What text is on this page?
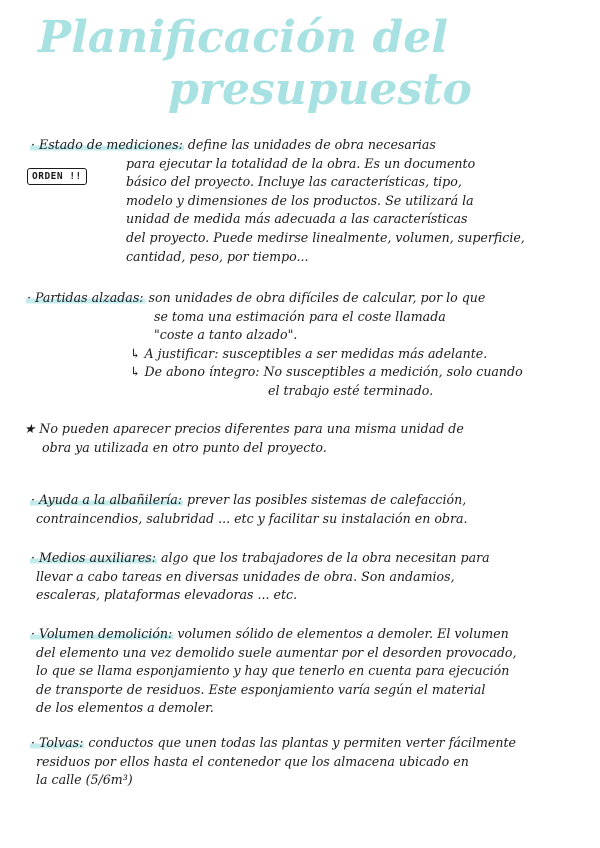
Planificación del
presupuesto
ORDEN !!
· Estado de mediciones: define las unidades de obra necesarias
para ejecutar la totalidad de la obra. Es un documento
básico del proyecto. Incluye las características, tipo,
modelo y dimensiones de los productos. Se utilizará la
unidad de medida más adecuada a las características
del proyecto. Puede medirse linealmente, volumen, superficie,
cantidad, peso, por tiempo...
· Partidas alzadas: son unidades de obra difíciles de calcular, por lo que
se toma una estimación para el coste llamada
"coste a tanto alzado".
↳ A justificar: susceptibles a ser medidas más adelante.
↳ De abono íntegro: No susceptibles a medición, solo cuando
el trabajo esté terminado.
★ No pueden aparecer precios diferentes para una misma unidad de
obra ya utilizada en otro punto del proyecto.
· Ayuda a la albañilería: prever las posibles sistemas de calefacción,
contraincendios, salubridad ... etc y facilitar su instalación en obra.
· Medios auxiliares: algo que los trabajadores de la obra necesitan para
llevar a cabo tareas en diversas unidades de obra. Son andamios,
escaleras, plataformas elevadoras ... etc.
· Volumen demolición: volumen sólido de elementos a demoler. El volumen
del elemento una vez demolido suele aumentar por el desorden provocado,
lo que se llama esponjamiento y hay que tenerlo en cuenta para ejecución
de transporte de residuos. Este esponjamiento varía según el material
de los elementos a demoler.
· Tolvas: conductos que unen todas las plantas y permiten verter fácilmente
residuos por ellos hasta el contenedor que los almacena ubicado en
la calle (5/6m³)
